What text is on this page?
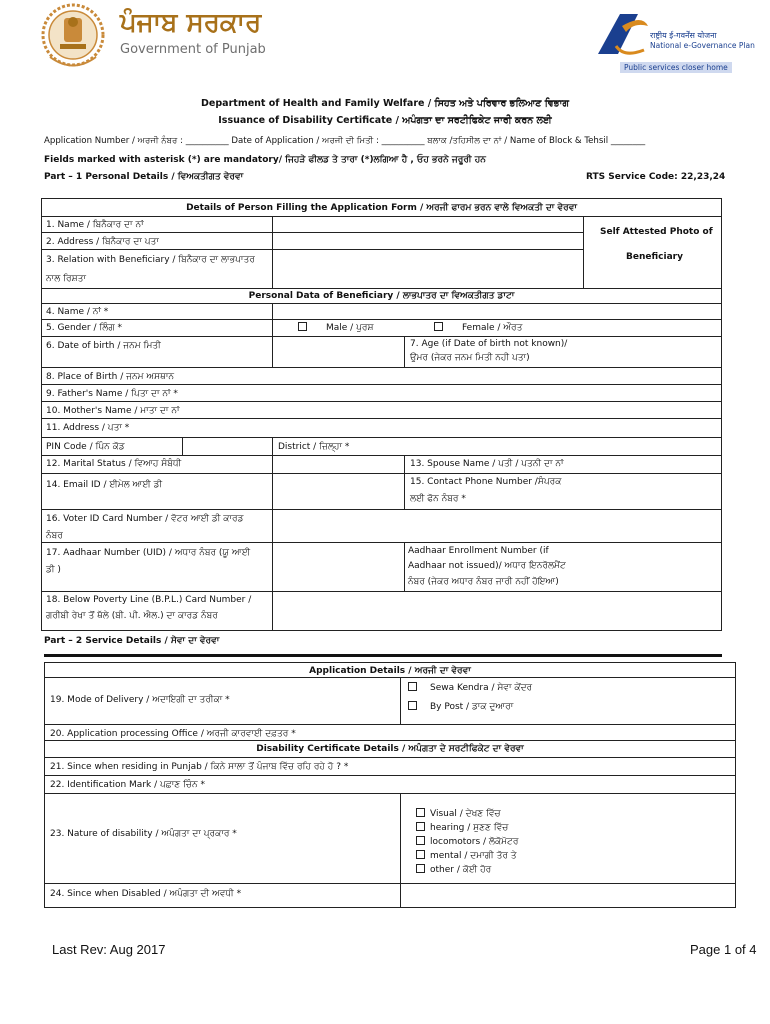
ਪੰਜਾਬ ਸਰਕਾਰ
Government of Punjab
राष्ट्रीय ई-गवर्नेंस योजना
National e-Governance Plan
Public services closer home
Department of Health and Family Welfare / ਸਿਹਤ ਅਤੇ ਪਰਿਵਾਰ ਭਲਿਆਣ ਵਿਭਾਗ
Issuance of Disability Certificate / ਅਪੰਗਤਾ ਦਾ ਸਰਟੀਫਿਕੇਟ ਜਾਰੀ ਕਰਨ ਲਈ
Application Number / ਅਰਜੀ ਨੰਬਰ : __________ Date of Application / ਅਰਜੀ ਦੀ ਮਿਤੀ : __________ ਬਲਾਕ /ਤਹਿਸੀਲ ਦਾ ਨਾਂ / Name of Block & Tehsil ________
Fields marked with asterisk (*) are mandatory/ ਜਿਹੜੇ ਫੀਲਡ ਤੇ ਤਾਰਾ (*)ਲਗਿਆ ਹੈ , ਓਹ ਭਰਨੇ ਜਰੂਰੀ ਹਨ
Part – 1 Personal Details / ਵਿਅਕਤੀਗਤ ਵੇਰਵਾ	RTS Service Code: 22,23,24
Details of Person Filling the Application Form / ਅਰਜੀ ਫਾਰਮ ਭਰਨ ਵਾਲੇ ਵਿਅਕਤੀ ਦਾ ਵੇਰਵਾ
1. Name / ਬਿਨੈਕਾਰ ਦਾ ਨਾਂ
2. Address / ਬਿਨੈਕਾਰ ਦਾ ਪਤਾ
3. Relation with Beneficiary / ਬਿਨੈਕਾਰ ਦਾ ਲਾਭਪਾਤਰ
ਨਾਲ ਰਿਸ਼ਤਾ
Self Attested Photo of
Beneficiary
Personal Data of Beneficiary / ਲਾਭਪਾਤਰ ਦਾ ਵਿਅਕਤੀਗਤ ਡਾਟਾ
4. Name / ਨਾਂ *
5. Gender / ਲਿੰਗ *	Male / ਪੁਰਸ਼	Female / ਔਰਤ
6. Date of birth / ਜਨਮ ਮਿਤੀ	7. Age (if Date of birth not known)/
ਉਮਰ (ਜੇਕਰ ਜਨਮ ਮਿਤੀ ਨਹੀ ਪਤਾ)
8. Place of Birth / ਜਨਮ ਅਸਥਾਨ
9. Father's Name / ਪਿਤਾ ਦਾ ਨਾਂ *
10. Mother's Name / ਮਾਤਾ ਦਾ ਨਾਂ
11. Address / ਪਤਾ *
PIN Code / ਪਿੰਨ ਕੋਡ	District / ਜ਼ਿਲ੍ਹਾ *
12. Marital Status / ਵਿਆਹ ਸੰਬੰਧੀ	13. Spouse Name / ਪਤੀ / ਪਤਨੀ ਦਾ ਨਾਂ
14. Email ID / ਈਮੇਲ ਆਈ ਡੀ	15. Contact Phone Number /ਸੰਪਰਕ
ਲਈ ਫੋਨ ਨੰਬਰ *
16. Voter ID Card Number / ਵੋਟਰ ਆਈ ਡੀ ਕਾਰਡ
ਨੰਬਰ
17. Aadhaar Number (UID) / ਅਧਾਰ ਨੰਬਰ (ਯੂ ਆਈ
ਡੀ )
Aadhaar Enrollment Number (if
Aadhaar not issued)/ ਅਧਾਰ ਇਨਰੋਲਮੈਂਟ
ਨੰਬਰ (ਜੇਕਰ ਅਧਾਰ ਨੰਬਰ ਜਾਰੀ ਨਹੀਂ ਹੋਇਆ)
18. Below Poverty Line (B.P.L.) Card Number /
ਗਰੀਬੀ ਰੇਖਾ ਤੋਂ ਥੱਲੇ (ਬੀ. ਪੀ. ਐਲ.) ਦਾ ਕਾਰਡ ਨੰਬਰ
Part – 2 Service Details / ਸੇਵਾ ਦਾ ਵੇਰਵਾ
Application Details / ਅਰਜੀ ਦਾ ਵੇਰਵਾ
19. Mode of Delivery / ਅਦਾਇਗੀ ਦਾ ਤਰੀਕਾ *
Sewa Kendra / ਸੇਵਾ ਕੇਂਦਰ
By Post / ਡਾਕ ਦੁਆਰਾ
20. Application processing Office / ਅਰਜੀ ਕਾਰਵਾਈ ਦਫ਼ਤਰ *
Disability Certificate Details / ਅਪੰਗਤਾ ਦੇ ਸਰਟੀਫਿਕੇਟ ਦਾ ਵੇਰਵਾ
21. Since when residing in Punjab / ਕਿਨੇ ਸਾਲਾ ਤੋਂ ਪੰਜਾਬ ਵਿੱਚ ਰਹਿ ਰਹੇ ਹੋ ? *
22. Identification Mark / ਪਛਾਣ ਚਿੰਨ *
23. Nature of disability / ਅਪੰਗਤਾ ਦਾ ਪ੍ਰਕਾਰ *
Visual / ਦੇਖਣ ਵਿੱਚ
hearing / ਸੁਣਣ ਵਿੱਚ
locomotors / ਲੋਕੋਮੋਟਰ
mental / ਦਮਾਗੀ ਤੋਰ ਤੇ
other / ਕੋਈ ਹੋਰ
24. Since when Disabled / ਅਪੰਗਤਾ ਦੀ ਅਵਧੀ *
Last Rev: Aug 2017	Page 1 of 4
